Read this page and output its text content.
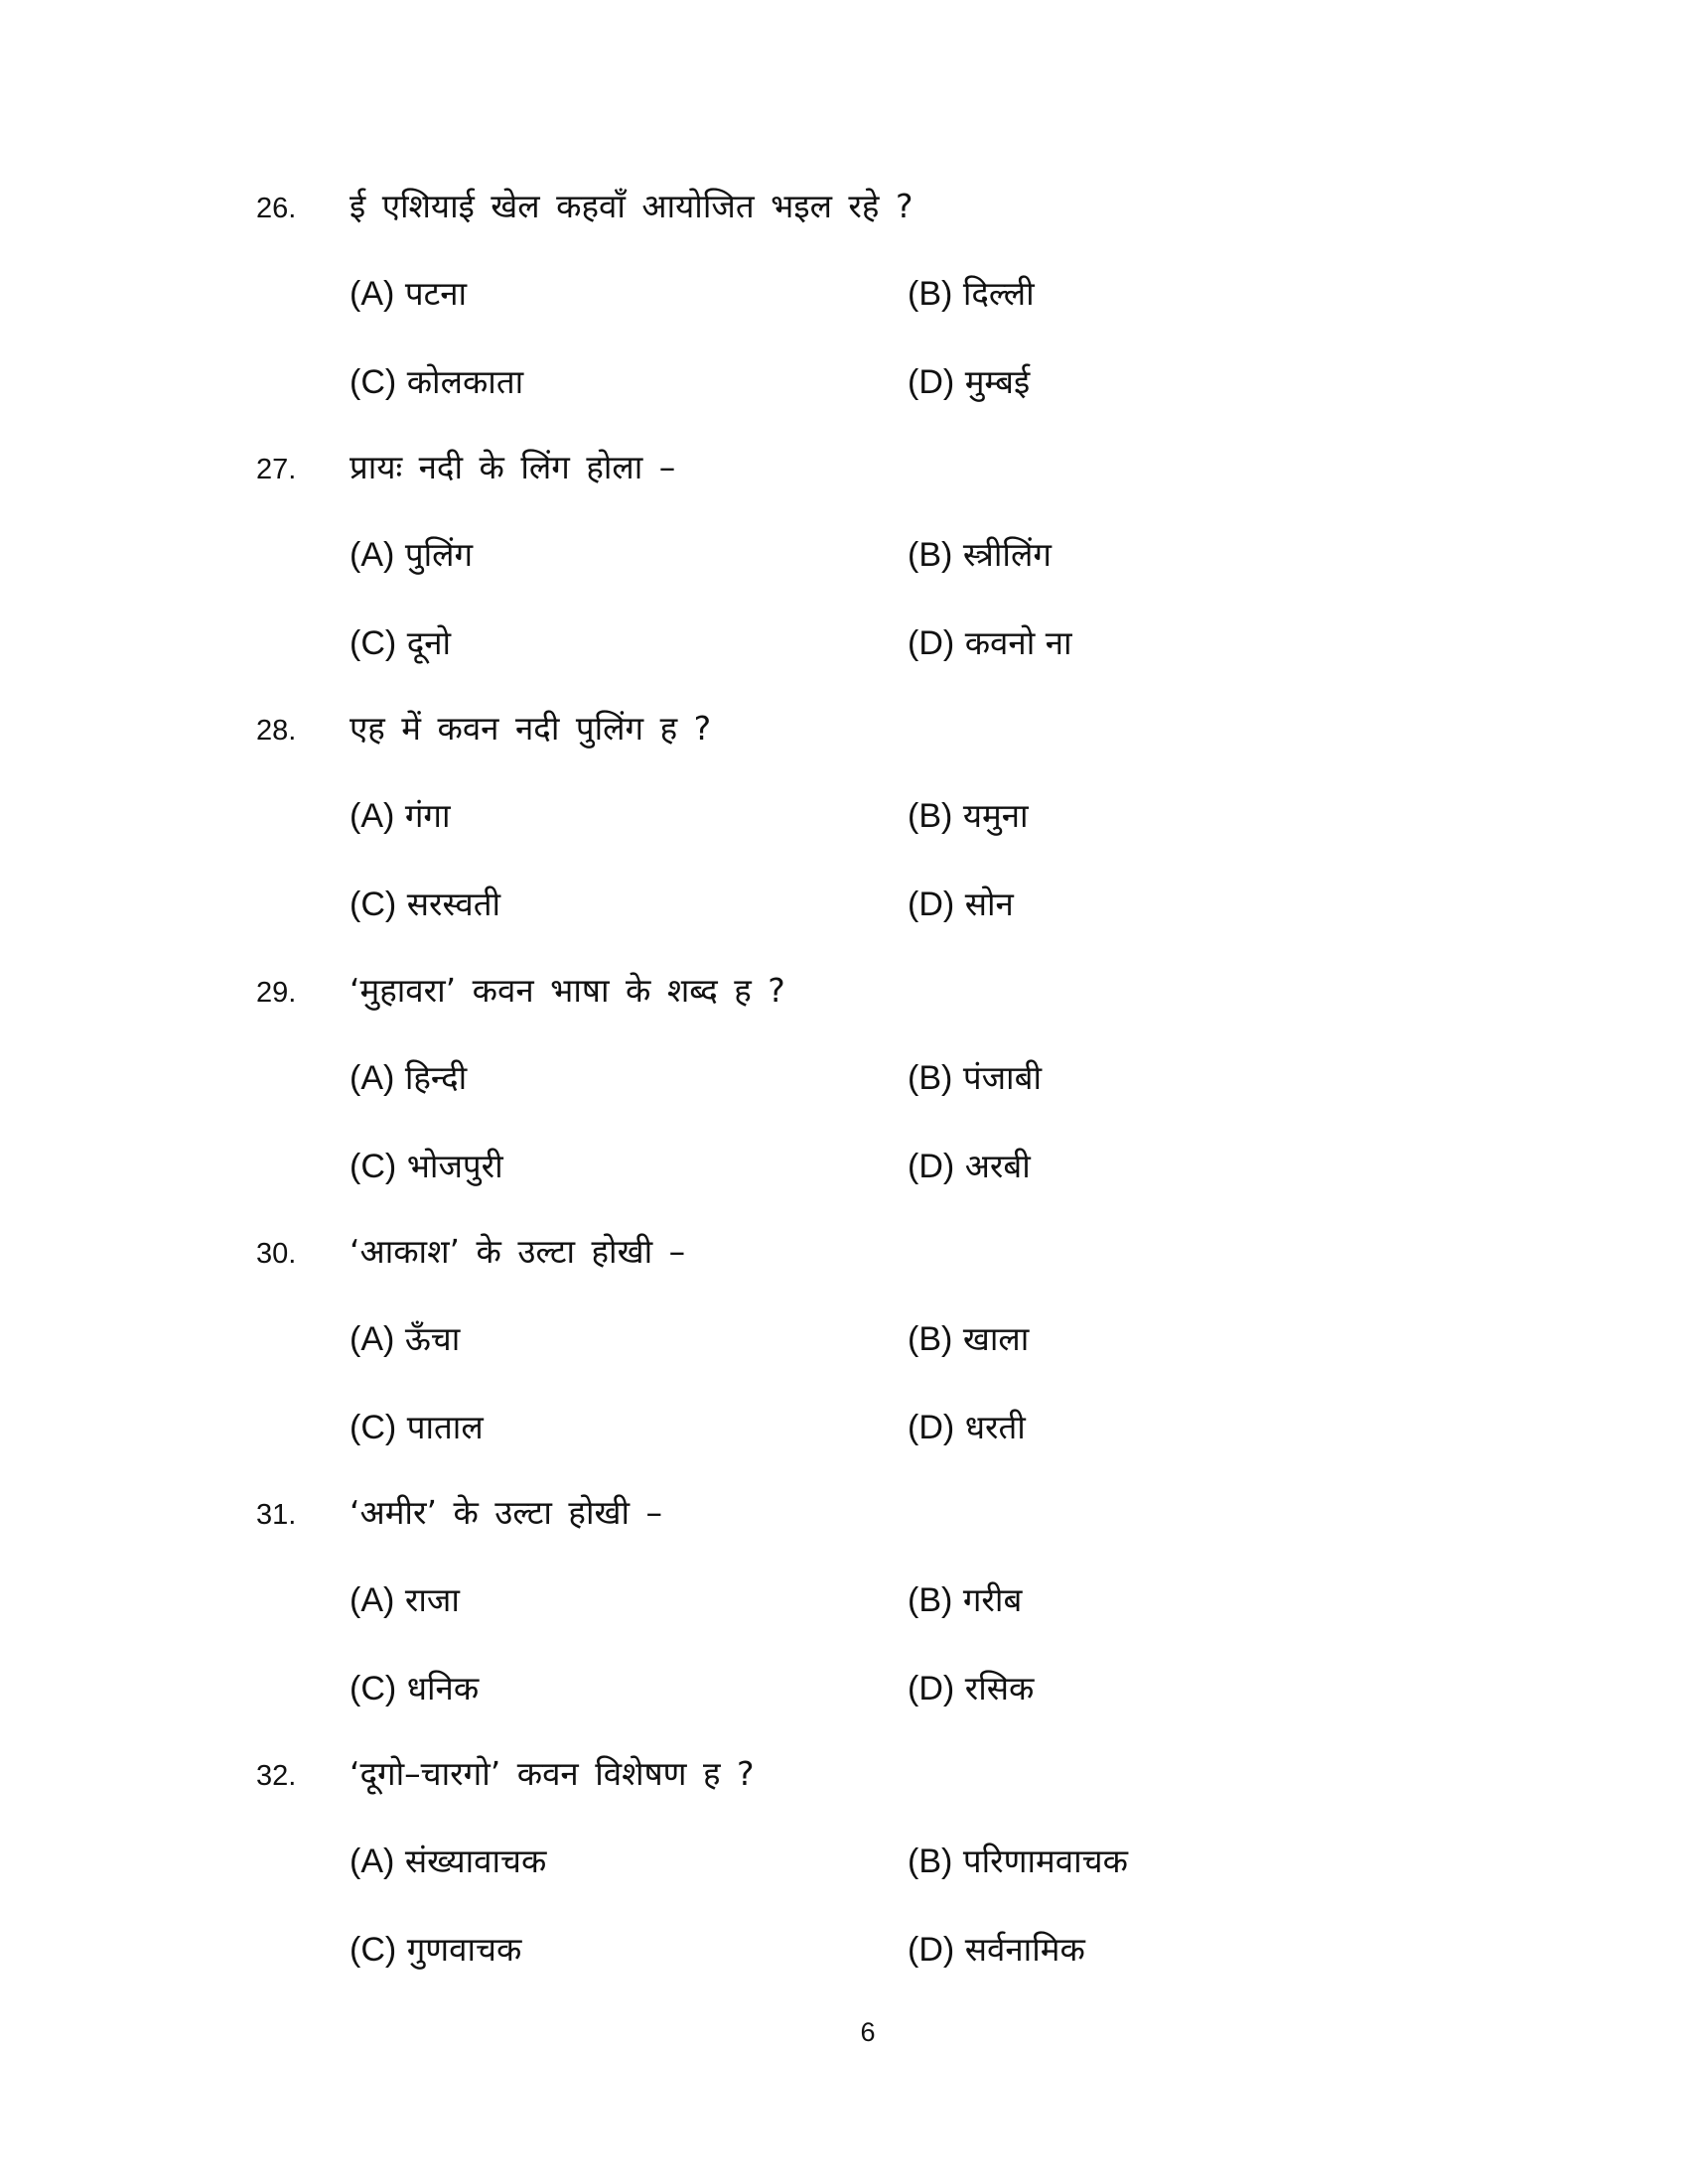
26. ई एशियाई खेल कहवाँ आयोजित भइल रहे ?
(A) पटना	(B) दिल्ली
(C) कोलकाता	(D) मुम्बई
27. प्रायः नदी के लिंग होला –
(A) पुलिंग	(B) स्त्रीलिंग
(C) दूनो	(D) कवनो ना
28. एह में कवन नदी पुलिंग ह ?
(A) गंगा	(B) यमुना
(C) सरस्वती	(D) सोन
29. ‘मुहावरा’ कवन भाषा के शब्द ह ?
(A) हिन्दी	(B) पंजाबी
(C) भोजपुरी	(D) अरबी
30. ‘आकाश’ के उल्टा होखी –
(A) ऊँचा	(B) खाला
(C) पाताल	(D) धरती
31. ‘अमीर’ के उल्टा होखी –
(A) राजा	(B) गरीब
(C) धनिक	(D) रसिक
32. ‘दूगो–चारगो’ कवन विशेषण ह ?
(A) संख्यावाचक	(B) परिणामवाचक
(C) गुणवाचक	(D) सर्वनामिक
6
